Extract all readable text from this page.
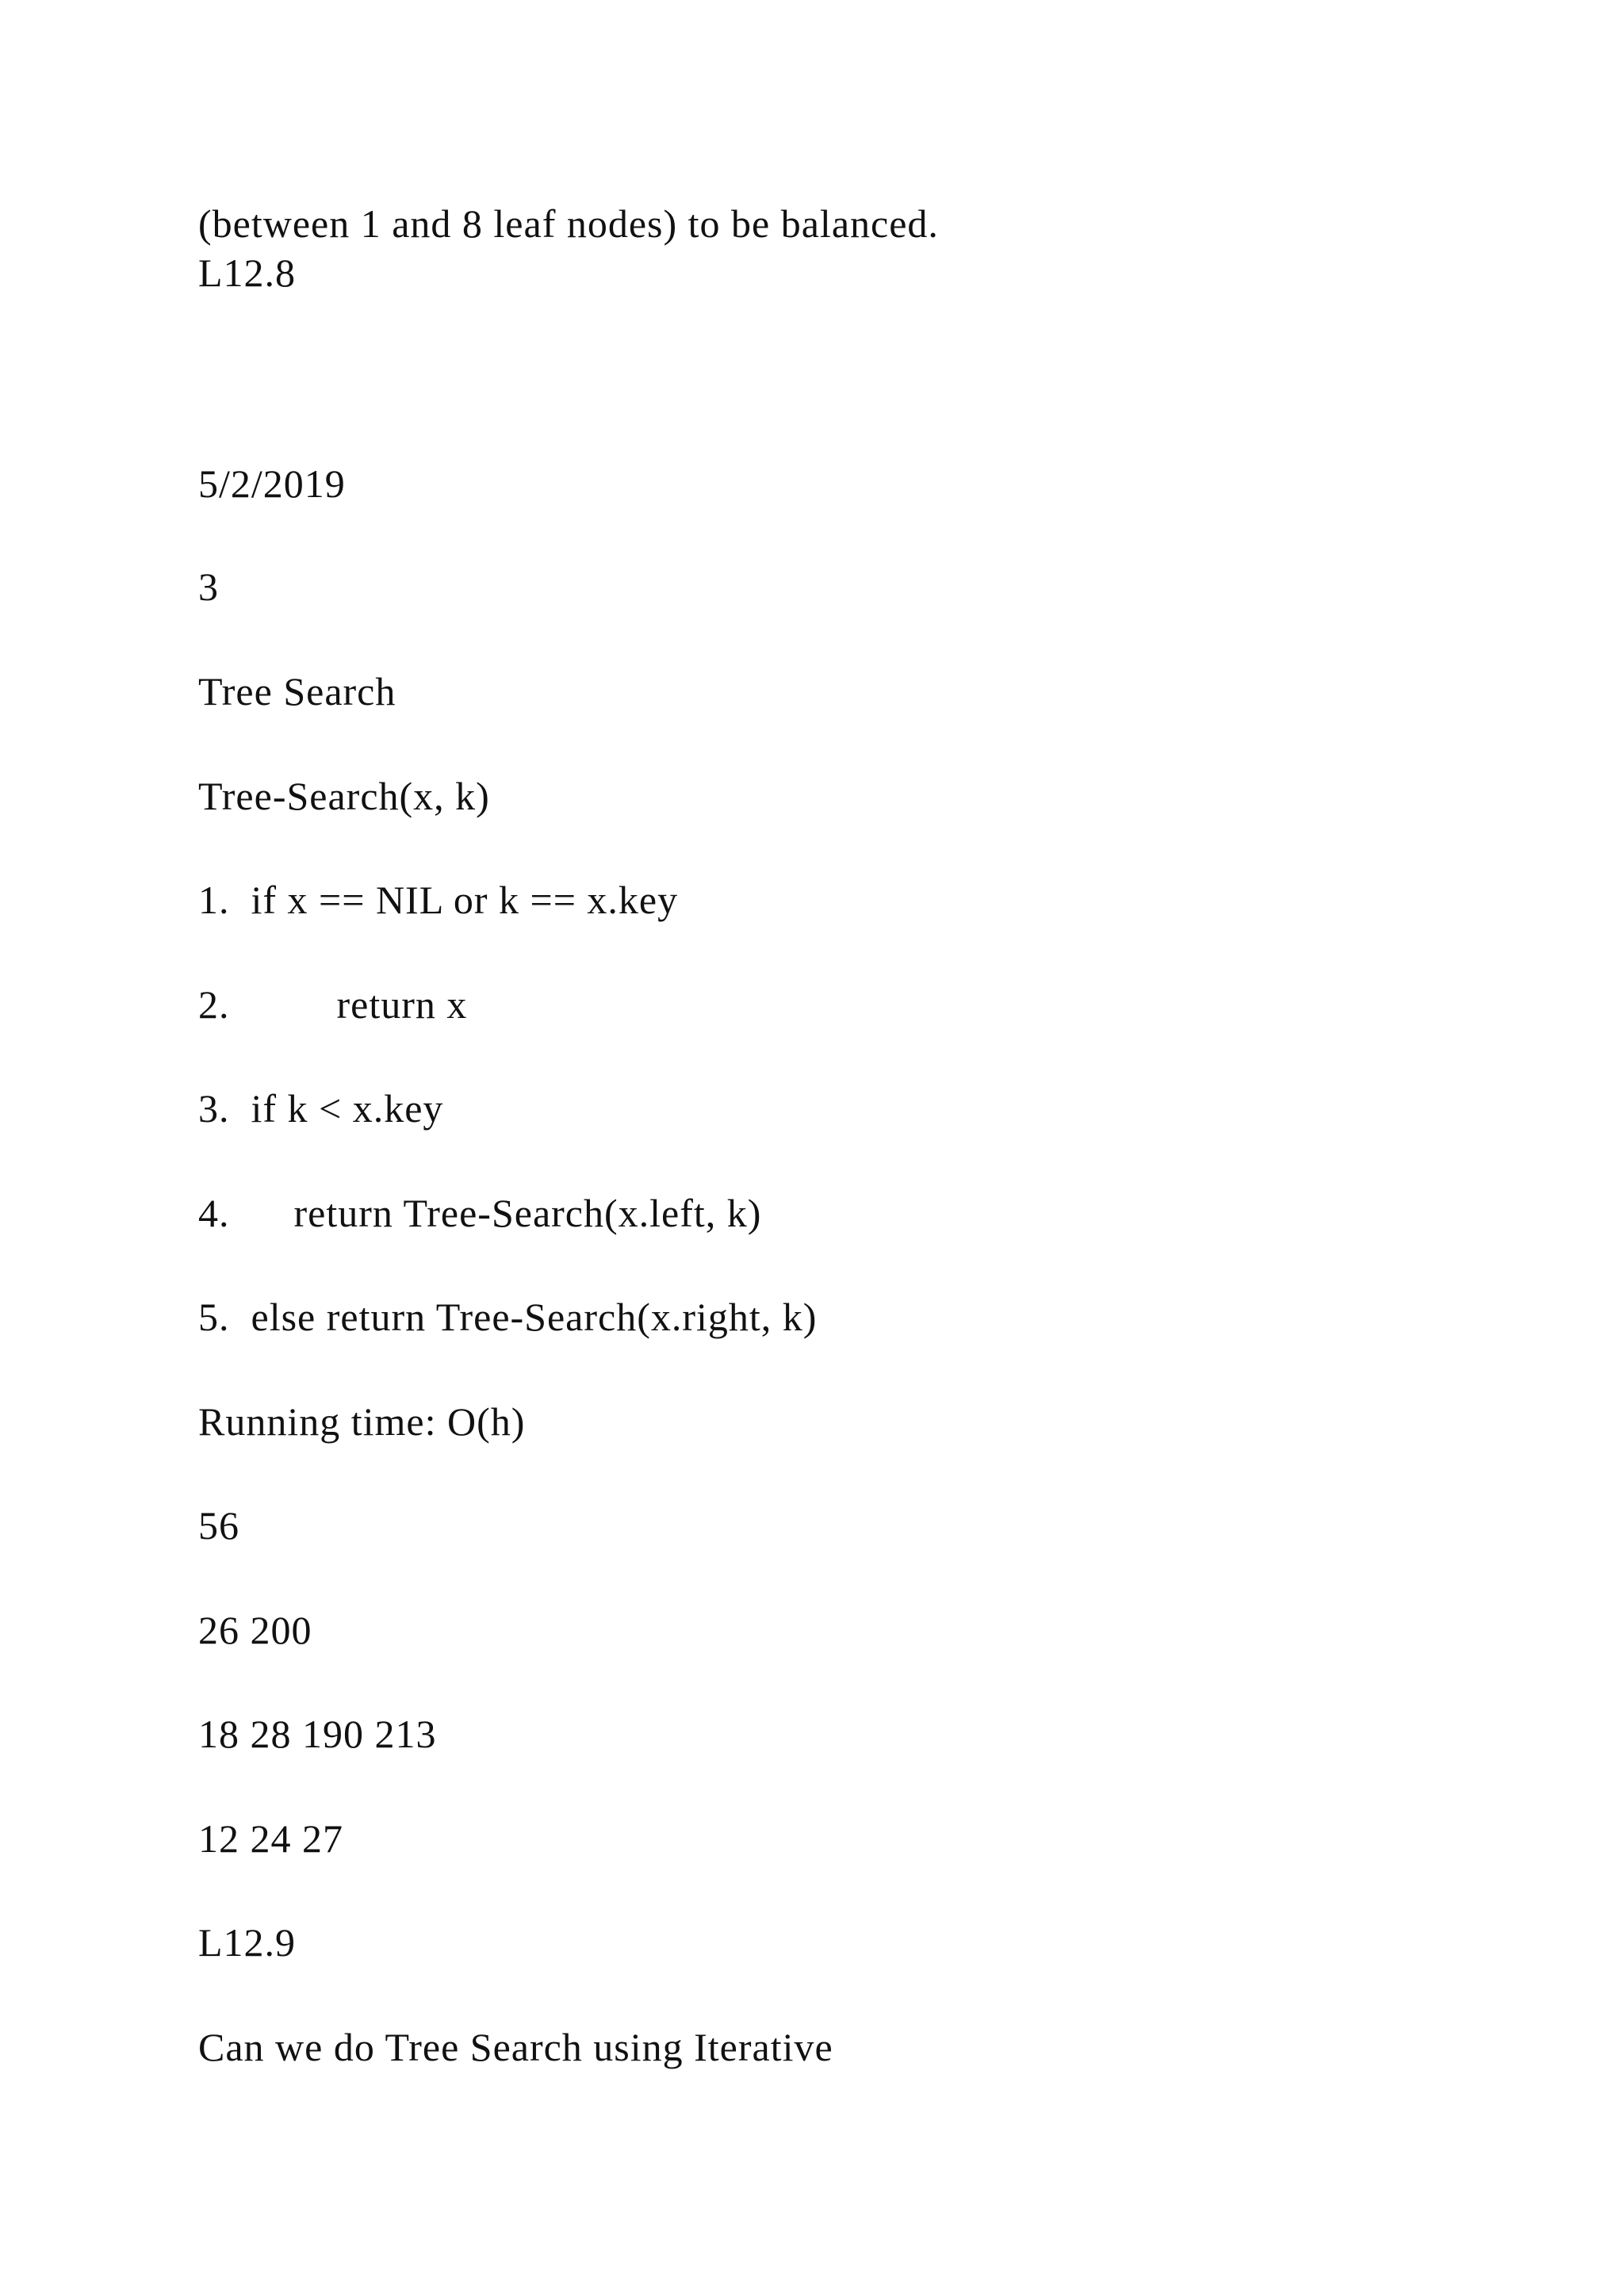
(between 1 and 8 leaf nodes) to be balanced.

L12.8

5/2/2019

3

Tree Search

Tree-Search(x, k)

1.  if x == NIL or k == x.key

2.          return x

3.  if k < x.key

4.      return Tree-Search(x.left, k)

5.  else return Tree-Search(x.right, k)

Running time: O(h)

56

26 200

18 28 190 213

12 24 27

L12.9

Can we do Tree Search using Iterative
